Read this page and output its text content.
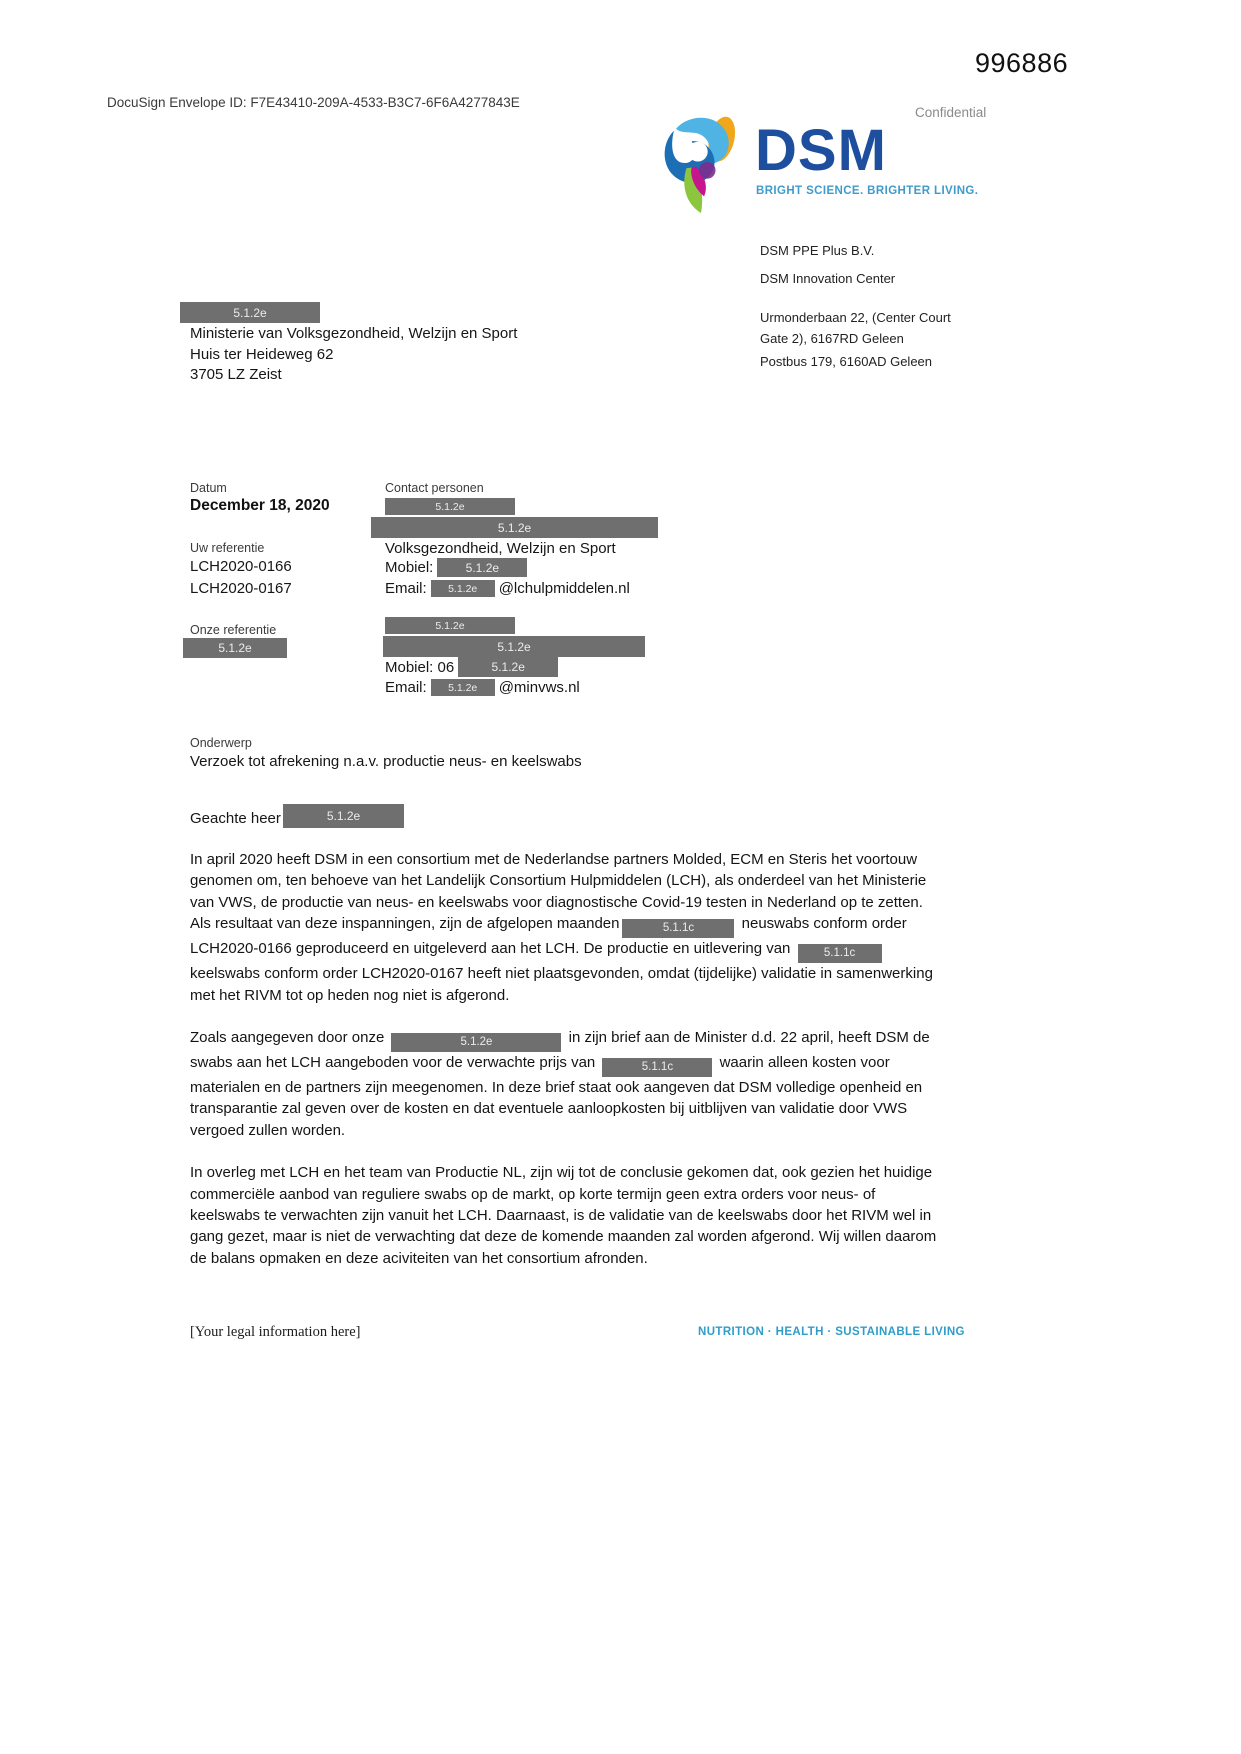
996886
DocuSign Envelope ID: F7E43410-209A-4533-B3C7-6F6A4277843E
Confidential
DSM
BRIGHT SCIENCE. BRIGHTER LIVING.
DSM PPE Plus B.V.
DSM Innovation Center
Urmonderbaan 22, (Center Court
Gate 2), 6167RD Geleen
Postbus 179, 6160AD Geleen
5.1.2e
Ministerie van Volksgezondheid, Welzijn en Sport
Huis ter Heideweg 62
3705 LZ Zeist
Datum
December 18, 2020
Uw referentie
LCH2020-0166
LCH2020-0167
Onze referentie
5.1.2e
Contact personen
5.1.2e
5.1.2e
Volksgezondheid, Welzijn en Sport
Mobiel:	5.1.2e
Email:	5.1.2e	@lchulpmiddelen.nl
5.1.2e
5.1.2e
Mobiel: 06	5.1.2e
Email:	5.1.2e	@minvws.nl
Onderwerp
Verzoek tot afrekening n.a.v. productie neus- en keelswabs
Geachte heer	5.1.2e

In april 2020 heeft DSM in een consortium met de Nederlandse partners Molded, ECM en Steris het voortouw genomen om, ten behoeve van het Landelijk Consortium Hulpmiddelen (LCH), als onderdeel van het Ministerie van VWS, de productie van neus- en keelswabs voor diagnostische Covid-19 testen in Nederland op te zetten. Als resultaat van deze inspanningen, zijn de afgelopen maanden	5.1.1c	neuswabs conform order LCH2020-0166 geproduceerd en uitgeleverd aan het LCH. De productie en uitlevering van	5.1.1c keelswabs conform order LCH2020-0167 heeft niet plaatsgevonden, omdat (tijdelijke) validatie in samenwerking met het RIVM tot op heden nog niet is afgerond.

Zoals aangegeven door onze	5.1.2e	in zijn brief aan de Minister d.d. 22 april, heeft DSM de swabs aan het LCH aangeboden voor de verwachte prijs van	5.1.1c	waarin alleen kosten voor materialen en de partners zijn meegenomen. In deze brief staat ook aangeven dat DSM volledige openheid en transparantie zal geven over de kosten en dat eventuele aanloopkosten bij uitblijven van validatie door VWS vergoed zullen worden.

In overleg met LCH en het team van Productie NL, zijn wij tot de conclusie gekomen dat, ook gezien het huidige commerciële aanbod van reguliere swabs op de markt, op korte termijn geen extra orders voor neus- of keelswabs te verwachten zijn vanuit het LCH. Daarnaast, is de validatie van de keelswabs door het RIVM wel in gang gezet, maar is niet de verwachting dat deze de komende maanden zal worden afgerond. Wij willen daarom de balans opmaken en deze aciviteiten van het consortium afronden.

[Your legal information here]	NUTRITION · HEALTH · SUSTAINABLE LIVING
